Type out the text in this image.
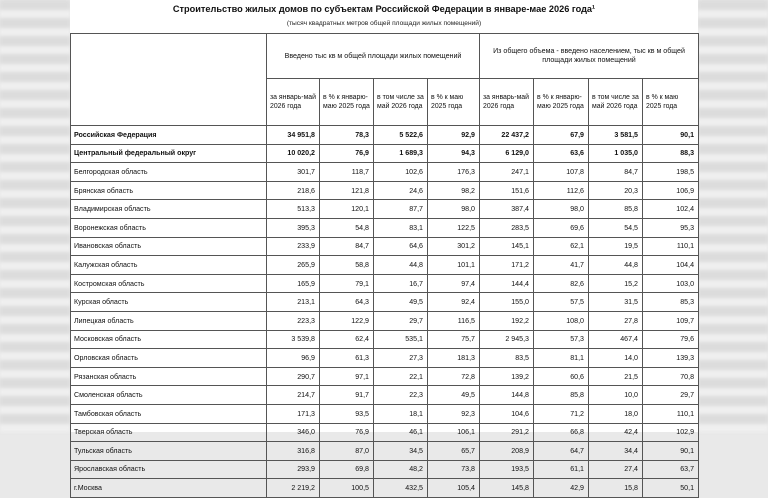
Строительство жилых домов по субъектам Российской Федерации в январе-мае 2026 года¹
(тысяч квадратных метров общей площади жилых помещений)
	Введено тыс кв м общей площади жилых помещений				Из общего объема - введено населением, тыс кв м общей площади жилых помещений			
	за январь-май 2026 года	в % к январю-маю 2025 года	в том числе за май 2026 года	в % к маю 2025 года	за январь-май 2026 года	в % к январю-маю 2025 года	в том числе за май 2026 года	в % к маю 2025 года
Российская Федерация	34 951,8	78,3	5 522,6	92,9	22 437,2	67,9	3 581,5	90,1
Центральный федеральный округ	10 020,2	76,9	1 689,3	94,3	6 129,0	63,6	1 035,0	88,3
Белгородская область	301,7	118,7	102,6	176,3	247,1	107,8	84,7	198,5
Брянская область	218,6	121,8	24,6	98,2	151,6	112,6	20,3	106,9
Владимирская область	513,3	120,1	87,7	98,0	387,4	98,0	85,8	102,4
Воронежская область	395,3	54,8	83,1	122,5	283,5	69,6	54,5	95,3
Ивановская область	233,9	84,7	64,6	301,2	145,1	62,1	19,5	110,1
Калужская область	265,9	58,8	44,8	101,1	171,2	41,7	44,8	104,4
Костромская область	165,9	79,1	16,7	97,4	144,4	82,6	15,2	103,0
Курская область	213,1	64,3	49,5	92,4	155,0	57,5	31,5	85,3
Липецкая область	223,3	122,9	29,7	116,5	192,2	108,0	27,8	109,7
Московская область	3 539,8	62,4	535,1	75,7	2 945,3	57,3	467,4	79,6
Орловская область	96,9	61,3	27,3	181,3	83,5	81,1	14,0	139,3
Рязанская область	290,7	97,1	22,1	72,8	139,2	60,6	21,5	70,8
Смоленская область	214,7	91,7	22,3	49,5	144,8	85,8	10,0	29,7
Тамбовская область	171,3	93,5	18,1	92,3	104,6	71,2	18,0	110,1
Тверская область	346,0	76,9	46,1	106,1	291,2	66,8	42,4	102,9
Тульская область	316,8	87,0	34,5	65,7	208,9	64,7	34,4	90,1
Ярославская область	293,9	69,8	48,2	73,8	193,5	61,1	27,4	63,7
г.Москва	2 219,2	100,5	432,5	105,4	145,8	42,9	15,8	50,1
